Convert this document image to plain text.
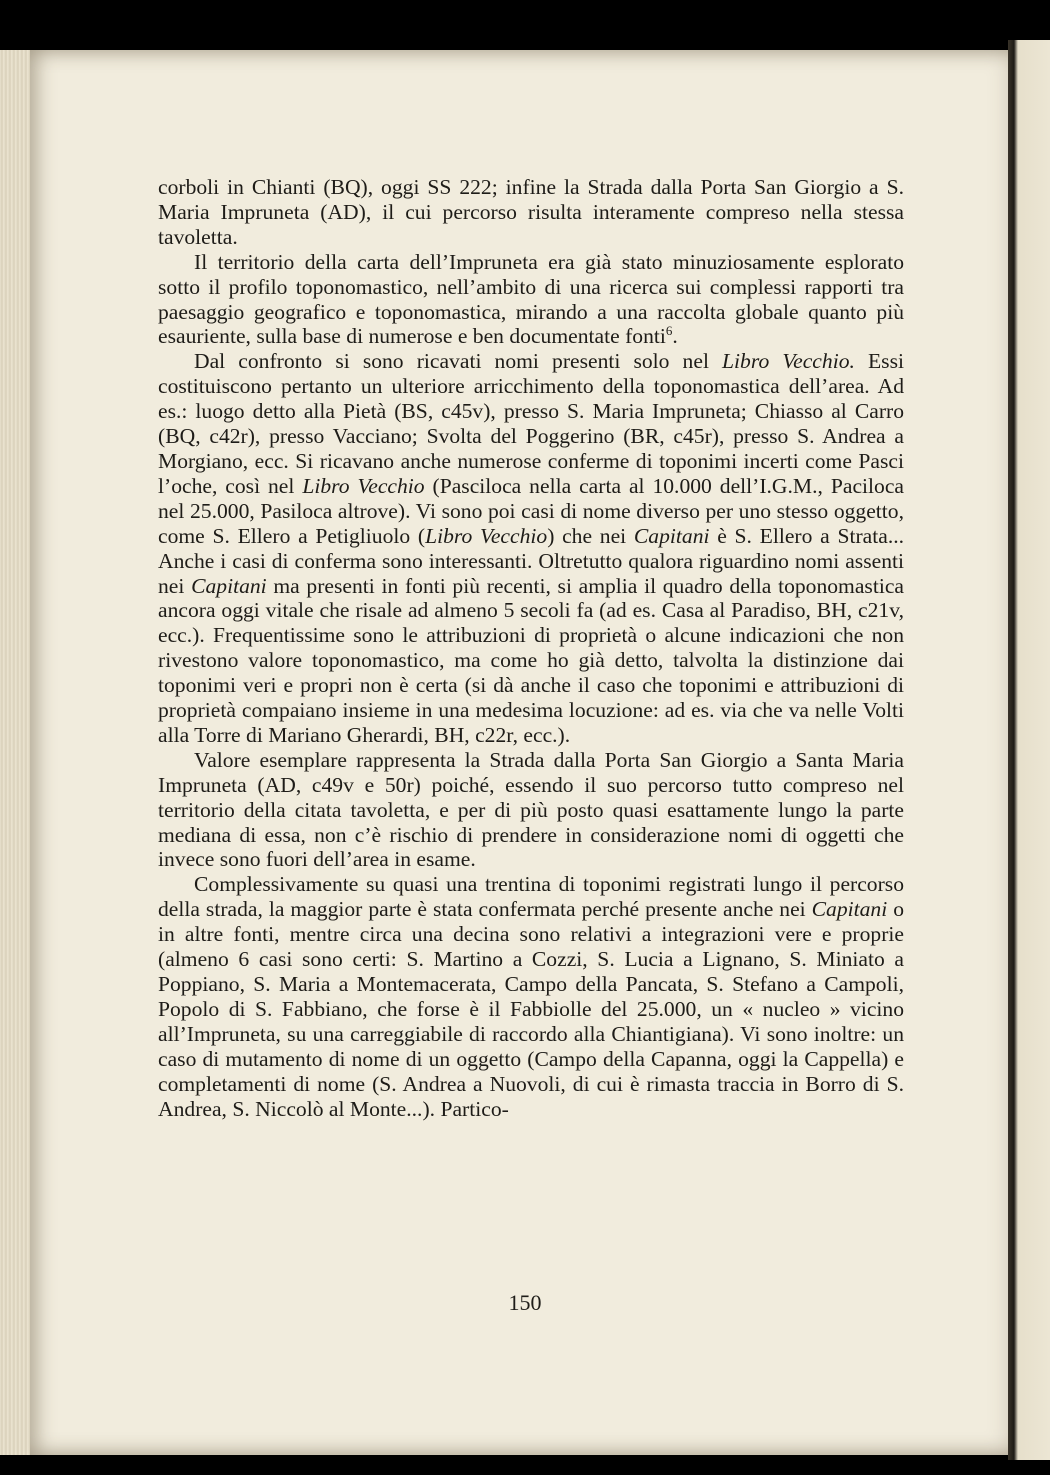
corboli in Chianti (BQ), oggi SS 222; infine la Strada dalla Porta San Giorgio a S. Maria Impruneta (AD), il cui percorso risulta interamente compreso nella stessa tavoletta.

Il territorio della carta dell’Impruneta era già stato minuziosamente esplorato sotto il profilo toponomastico, nell’ambito di una ricerca sui complessi rapporti tra paesaggio geografico e toponomastica, mirando a una raccolta globale quanto più esauriente, sulla base di numerose e ben documentate fonti$^6$.

Dal confronto si sono ricavati nomi presenti solo nel Libro Vecchio. Essi costituiscono pertanto un ulteriore arricchimento della toponomastica dell’area. Ad es.: luogo detto alla Pietà (BS, c45v), presso S. Maria Impruneta; Chiasso al Carro (BQ, c42r), presso Vacciano; Svolta del Poggerino (BR, c45r), presso S. Andrea a Morgiano, ecc. Si ricavano anche numerose conferme di toponimi incerti come Pasci l’oche, così nel Libro Vecchio (Pasciloca nella carta al 10.000 dell’I.G.M., Paciloca nel 25.000, Pasiloca altrove). Vi sono poi casi di nome diverso per uno stesso oggetto, come S. Ellero a Petigliuolo (Libro Vecchio) che nei Capitani è S. Ellero a Strata... Anche i casi di conferma sono interessanti. Oltretutto qualora riguardino nomi assenti nei Capitani ma presenti in fonti più recenti, si amplia il quadro della toponomastica ancora oggi vitale che risale ad almeno 5 secoli fa (ad es. Casa al Paradiso, BH, c21v, ecc.). Frequentissime sono le attribuzioni di proprietà o alcune indicazioni che non rivestono valore toponomastico, ma come ho già detto, talvolta la distinzione dai toponimi veri e propri non è certa (si dà anche il caso che toponimi e attribuzioni di proprietà compaiano insieme in una medesima locuzione: ad es. via che va nelle Volti alla Torre di Mariano Gherardi, BH, c22r, ecc.).

Valore esemplare rappresenta la Strada dalla Porta San Giorgio a Santa Maria Impruneta (AD, c49v e 50r) poiché, essendo il suo percorso tutto compreso nel territorio della citata tavoletta, e per di più posto quasi esattamente lungo la parte mediana di essa, non c’è rischio di prendere in considerazione nomi di oggetti che invece sono fuori dell’area in esame.

Complessivamente su quasi una trentina di toponimi registrati lungo il percorso della strada, la maggior parte è stata confermata perché presente anche nei Capitani o in altre fonti, mentre circa una decina sono relativi a integrazioni vere e proprie (almeno 6 casi sono certi: S. Martino a Cozzi, S. Lucia a Lignano, S. Miniato a Poppiano, S. Maria a Montemacerata, Campo della Pancata, S. Stefano a Campoli, Popolo di S. Fabbiano, che forse è il Fabbiolle del 25.000, un « nucleo » vicino all’Impruneta, su una carreggiabile di raccordo alla Chiantigiana). Vi sono inoltre: un caso di mutamento di nome di un oggetto (Campo della Capanna, oggi la Cappella) e completamenti di nome (S. Andrea a Nuovoli, di cui è rimasta traccia in Borro di S. Andrea, S. Niccolò al Monte...). Partico-

150
